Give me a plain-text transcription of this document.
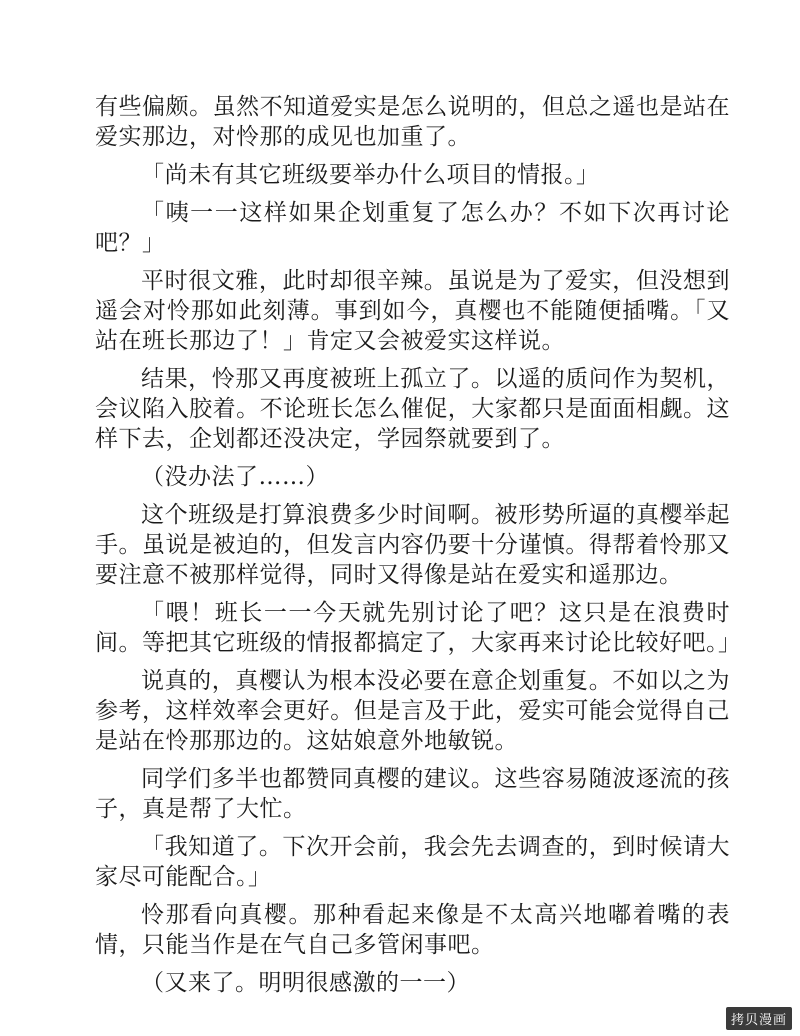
有些偏颇。虽然不知道爱实是怎么说明的，但总之遥也是站在爱实那边，对怜那的成见也加重了。

「尚未有其它班级要举办什么项目的情报。」

「咦一一这样如果企划重复了怎么办？不如下次再讨论吧？」

平时很文雅，此时却很辛辣。虽说是为了爱实，但没想到遥会对怜那如此刻薄。事到如今，真樱也不能随便插嘴。「又站在班长那边了！」肯定又会被爱实这样说。

结果，怜那又再度被班上孤立了。以遥的质问作为契机，会议陷入胶着。不论班长怎么催促，大家都只是面面相觑。这样下去，企划都还没决定，学园祭就要到了。

（没办法了……）

这个班级是打算浪费多少时间啊。被形势所逼的真樱举起手。虽说是被迫的，但发言内容仍要十分谨慎。得帮着怜那又要注意不被那样觉得，同时又得像是站在爱实和遥那边。

「喂！班长一一今天就先别讨论了吧？这只是在浪费时间。等把其它班级的情报都搞定了，大家再来讨论比较好吧。」

说真的，真樱认为根本没必要在意企划重复。不如以之为参考，这样效率会更好。但是言及于此，爱实可能会觉得自己是站在怜那那边的。这姑娘意外地敏锐。

同学们多半也都赞同真樱的建议。这些容易随波逐流的孩子，真是帮了大忙。

「我知道了。下次开会前，我会先去调查的，到时候请大家尽可能配合。」

怜那看向真樱。那种看起来像是不太高兴地嘟着嘴的表情，只能当作是在气自己多管闲事吧。

（又来了。明明很感激的一一）

拷贝漫画
